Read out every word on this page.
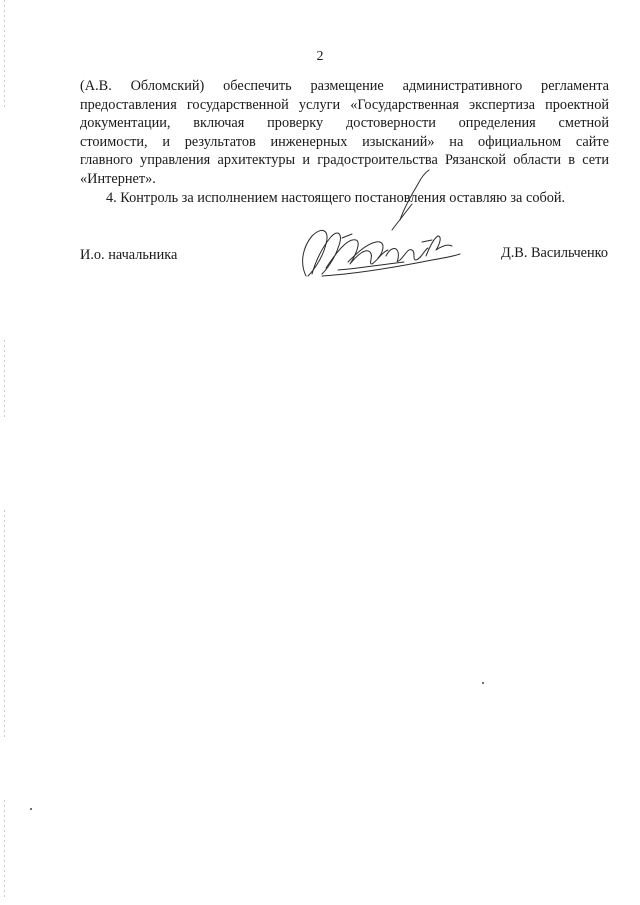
2
(А.В. Обломский) обеспечить размещение административного регламента
предоставления государственной услуги «Государственная экспертиза проектной
документации, включая проверку достоверности определения сметной
стоимости, и результатов инженерных изысканий» на официальном сайте
главного управления архитектуры и градостроительства Рязанской области в сети
«Интернет».
4. Контроль за исполнением настоящего постановления оставляю за собой.
И.о. начальника	Д.В. Васильченко
